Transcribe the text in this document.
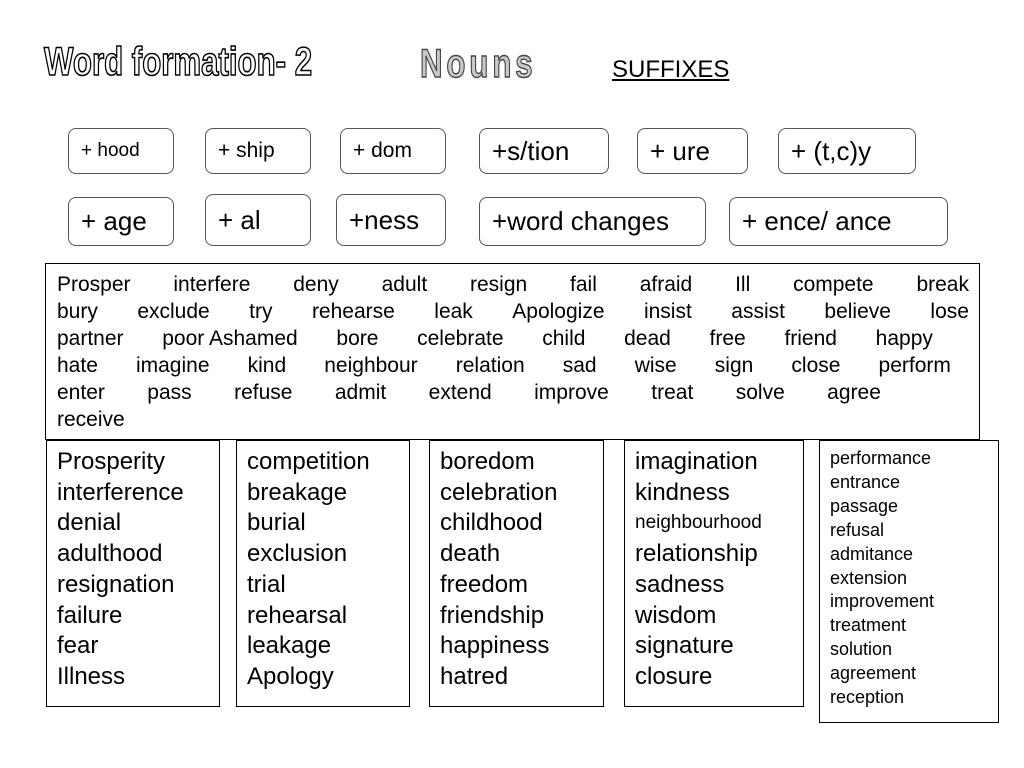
Word formation- 2	Nouns	SUFFIXES
+ hood	+ ship	+ dom	+s/tion	+ ure	+ (t,c)y
+ age	+ al	+ness	+word changes	+ ence/ ance
Prosper interfere deny adult resign fail afraid Ill compete break
bury exclude try rehearse leak Apologize insist assist believe lose
partner poor Ashamed bore celebrate child dead free friend happy
hate imagine kind neighbour relation sad wise sign close perform
enter pass refuse admit extend improve treat solve agree
receive
Prosperity
interference
denial
adulthood
resignation
failure
fear
Illness
competition
breakage
burial
exclusion
trial
rehearsal
leakage
Apology
boredom
celebration
childhood
death
freedom
friendship
happiness
hatred
imagination
kindness
neighbourhood
relationship
sadness
wisdom
signature
closure
performance
entrance
passage
refusal
admitance
extension
improvement
treatment
solution
agreement
reception
